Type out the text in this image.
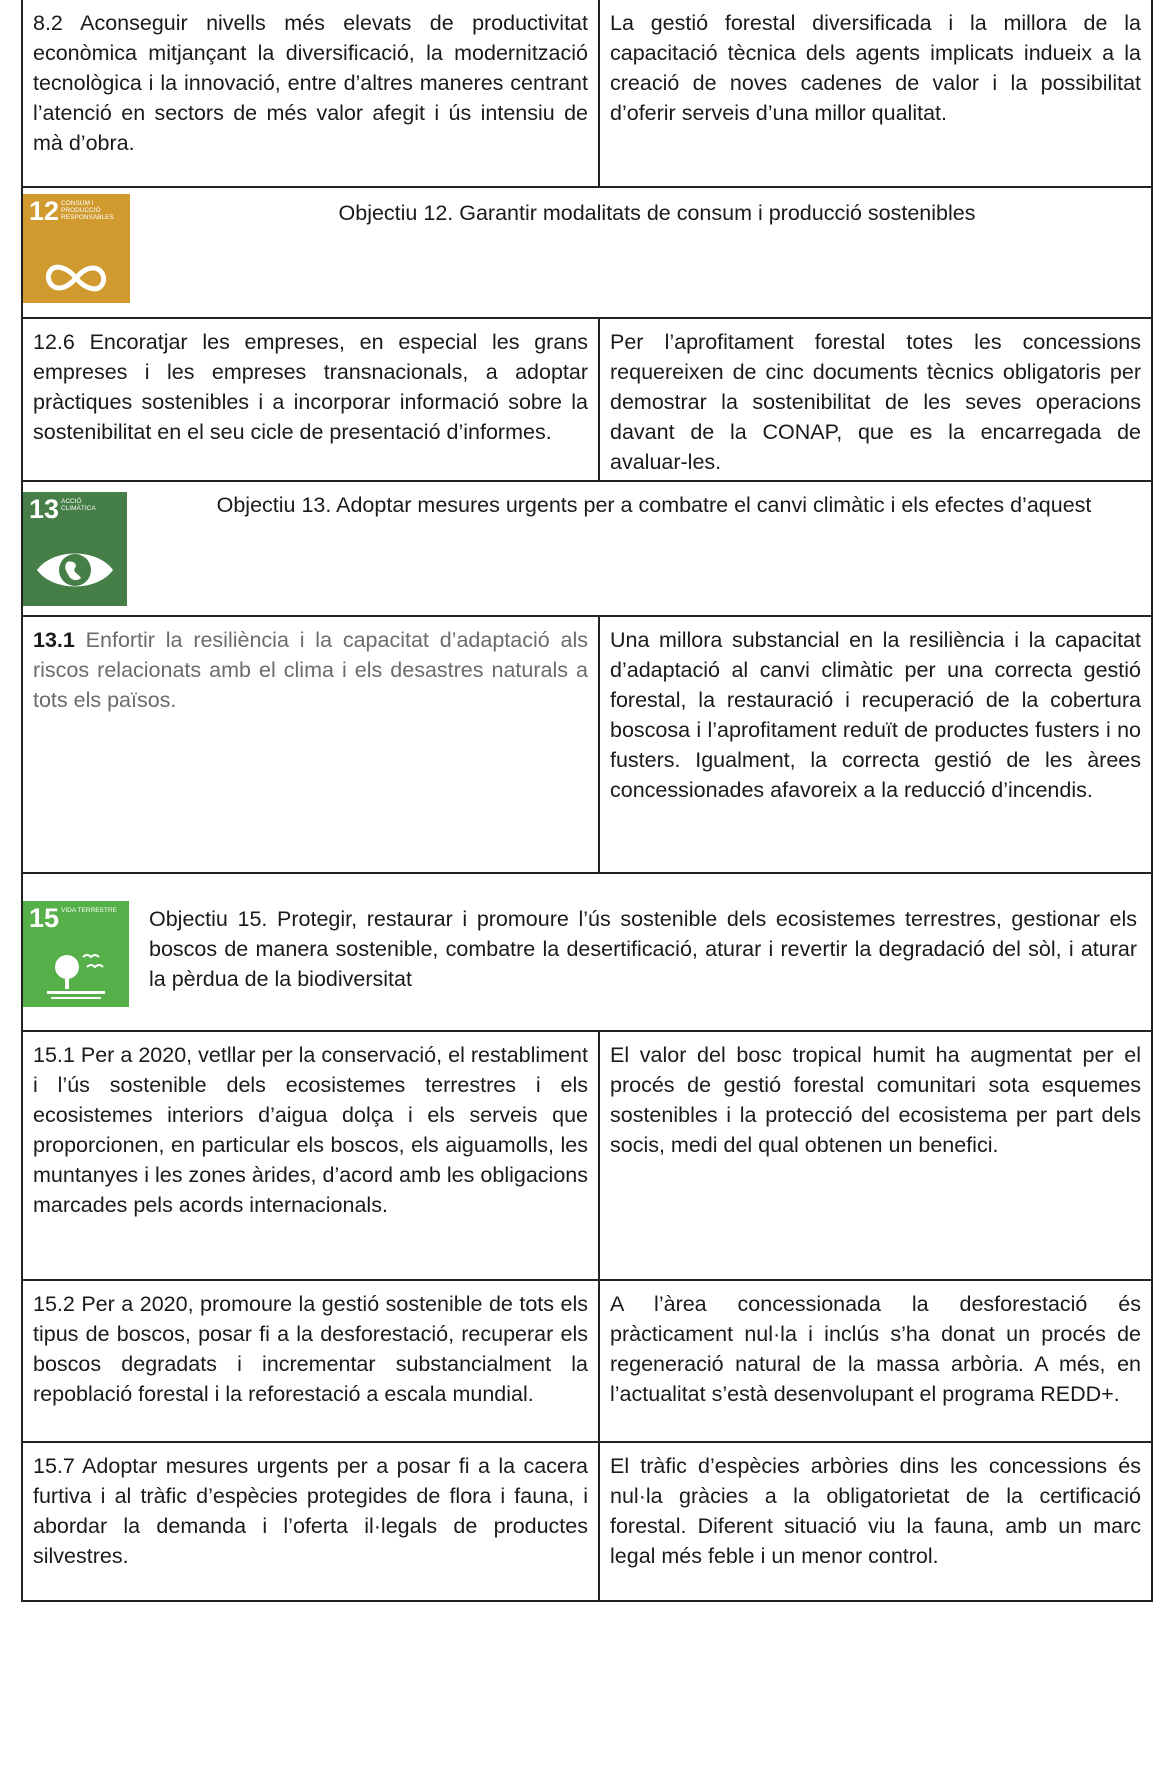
8.2 Aconseguir nivells més elevats de productivitat econòmica mitjançant la diversificació, la modernització tecnològica i la innovació, entre d’altres maneres centrant l’atenció en sectors de més valor afegit i ús intensiu de mà d’obra.
La gestió forestal diversificada i la millora de la capacitació tècnica dels agents implicats indueix a la creació de noves cadenes de valor i la possibilitat d’oferir serveis d’una millor qualitat.
12 CONSUM I PRODUCCIÓ RESPONSABLES	Objectiu 12. Garantir modalitats de consum i producció sostenibles
12.6 Encoratjar les empreses, en especial les grans empreses i les empreses transnacionals, a adoptar pràctiques sostenibles i a incorporar informació sobre la sostenibilitat en el seu cicle de presentació d’informes.
Per l’aprofitament forestal totes les concessions requereixen de cinc documents tècnics obligatoris per demostrar la sostenibilitat de les seves operacions davant de la CONAP, que es la encarregada de avaluar-les.
13 ACCIÓ CLIMÀTICA	Objectiu 13. Adoptar mesures urgents per a combatre el canvi climàtic i els efectes d’aquest
13.1 Enfortir la resiliència i la capacitat d’adaptació als riscos relacionats amb el clima i els desastres naturals a tots els països.
Una millora substancial en la resiliència i la capacitat d’adaptació al canvi climàtic per una correcta gestió forestal, la restauració i recuperació de la cobertura boscosa i l’aprofitament reduït de productes fusters i no fusters. Igualment, la correcta gestió de les àrees concessionades afavoreix a la reducció d’incendis.
15 VIDA TERRESTRE Objectiu 15. Protegir, restaurar i promoure l’ús sostenible dels ecosistemes terrestres, gestionar els boscos de manera sostenible, combatre la desertificació, aturar i revertir la degradació del sòl, i aturar la pèrdua de la biodiversitat
15.1 Per a 2020, vetllar per la conservació, el restabliment i l’ús sostenible dels ecosistemes terrestres i els ecosistemes interiors d’aigua dolça i els serveis que proporcionen, en particular els boscos, els aiguamolls, les muntanyes i les zones àrides, d’acord amb les obligacions marcades pels acords internacionals.
El valor del bosc tropical humit ha augmentat per el procés de gestió forestal comunitari sota esquemes sostenibles i la protecció del ecosistema per part dels socis, medi del qual obtenen un benefici.
15.2 Per a 2020, promoure la gestió sostenible de tots els tipus de boscos, posar fi a la desforestació, recuperar els boscos degradats i incrementar substancialment la repoblació forestal i la reforestació a escala mundial.
A l’àrea concessionada la desforestació és pràcticament nul·la i inclús s’ha donat un procés de regeneració natural de la massa arbòria. A més, en l’actualitat s’està desenvolupant el programa REDD+.
15.7 Adoptar mesures urgents per a posar fi a la cacera furtiva i al tràfic d’espècies protegides de flora i fauna, i abordar la demanda i l’oferta il·legals de productes silvestres.
El tràfic d’espècies arbòries dins les concessions és nul·la gràcies a la obligatorietat de la certificació forestal. Diferent situació viu la fauna, amb un marc legal més feble i un menor control.
